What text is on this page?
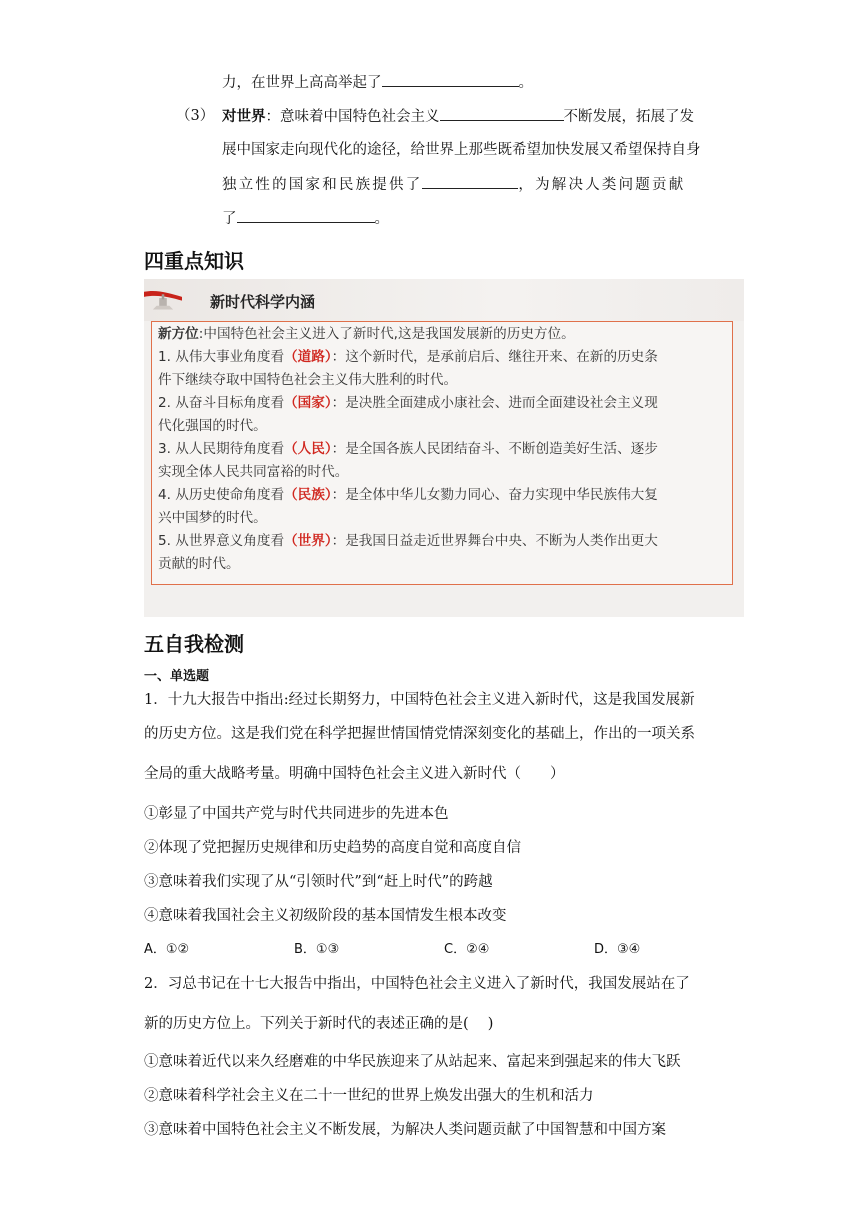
力，在世界上高高举起了	。
（3） 对世界：意味着中国特色社会主义	不断发展，拓展了发
展中国家走向现代化的途径，给世界上那些既希望加快发展又希望保持自身
独立性的国家和民族提供了	，为解决人类问题贡献
了	。
四重点知识
新时代科学内涵
新方位:中国特色社会主义进入了新时代,这是我国发展新的历史方位。
1. 从伟大事业角度看（道路）：这个新时代，是承前启后、继往开来、在新的历史条
件下继续夺取中国特色社会主义伟大胜利的时代。
2. 从奋斗目标角度看（国家）：是决胜全面建成小康社会、进而全面建设社会主义现
代化强国的时代。
3. 从人民期待角度看（人民）：是全国各族人民团结奋斗、不断创造美好生活、逐步
实现全体人民共同富裕的时代。
4. 从历史使命角度看（民族）：是全体中华儿女勠力同心、奋力实现中华民族伟大复
兴中国梦的时代。
5. 从世界意义角度看（世界）：是我国日益走近世界舞台中央、不断为人类作出更大
贡献的时代。
五自我检测
一、单选题
1．十九大报告中指出:经过长期努力，中国特色社会主义进入新时代，这是我国发展新
的历史方位。这是我们党在科学把握世情国情党情深刻变化的基础上，作出的一项关系
全局的重大战略考量。明确中国特色社会主义进入新时代（　　）
①彰显了中国共产党与时代共同进步的先进本色
②体现了党把握历史规律和历史趋势的高度自觉和高度自信
③意味着我们实现了从“引领时代”到“赶上时代”的跨越
④意味着我国社会主义初级阶段的基本国情发生根本改变
A．①②	B．①③	C．②④	D．③④
2．习总书记在十七大报告中指出，中国特色社会主义进入了新时代，我国发展站在了
新的历史方位上。下列关于新时代的表述正确的是(　 )
①意味着近代以来久经磨难的中华民族迎来了从站起来、富起来到强起来的伟大飞跃
②意味着科学社会主义在二十一世纪的世界上焕发出强大的生机和活力
③意味着中国特色社会主义不断发展，为解决人类问题贡献了中国智慧和中国方案
